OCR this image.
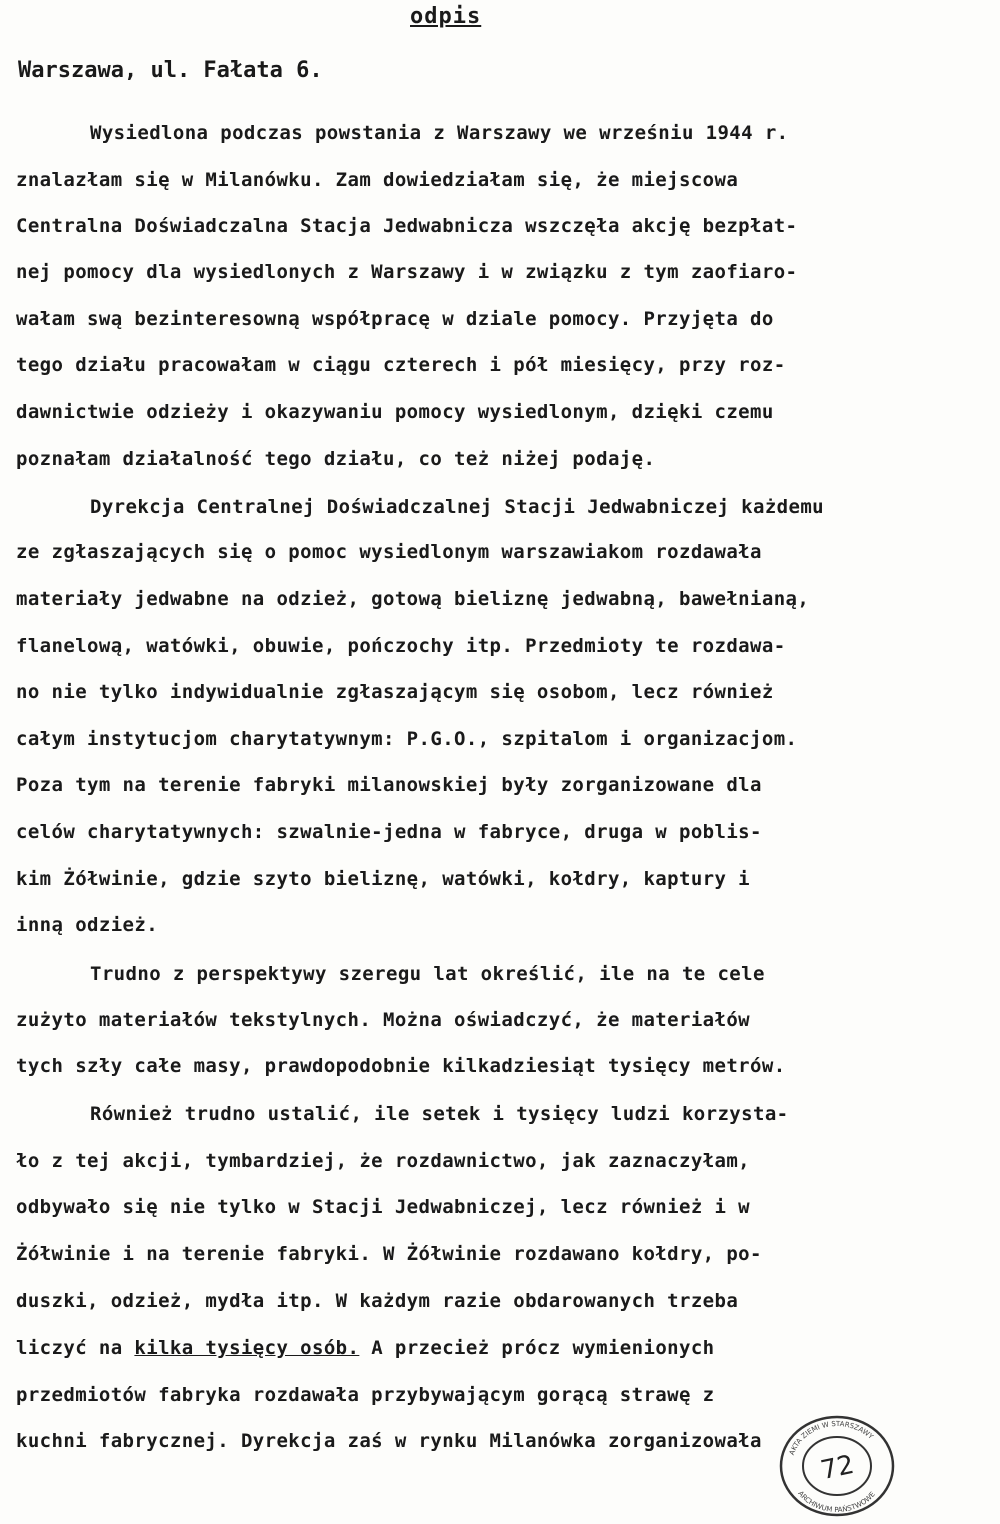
odpis
Warszawa, ul. Fałata 6.
Wysiedlona podczas powstania z Warszawy we wrześniu 1944 r.
znalazłam się w Milanówku. Zam dowiedziałam się, że miejscowa
Centralna Doświadczalna Stacja Jedwabnicza wszczęła akcję bezpłat-
nej pomocy dla wysiedlonych z Warszawy i w związku z tym zaofiaro-
wałam swą bezinteresowną współpracę w dziale pomocy. Przyjęta do
tego działu pracowałam w ciągu czterech i pół miesięcy, przy roz-
dawnictwie odzieży i okazywaniu pomocy wysiedlonym, dzięki czemu
poznałam działalność tego działu, co też niżej podaję.
Dyrekcja Centralnej Doświadczalnej Stacji Jedwabniczej każdemu
ze zgłaszających się o pomoc wysiedlonym warszawiakom rozdawała
materiały jedwabne na odzież, gotową bieliznę jedwabną, bawełnianą,
flanelową, watówki, obuwie, pończochy itp. Przedmioty te rozdawa-
no nie tylko indywidualnie zgłaszającym się osobom, lecz również
całym instytucjom charytatywnym: P.G.O., szpitalom i organizacjom.
Poza tym na terenie fabryki milanowskiej były zorganizowane dla
celów charytatywnych: szwalnie-jedna w fabryce, druga w poblis-
kim Żółwinie, gdzie szyto bieliznę, watówki, kołdry, kaptury i
inną odzież.
Trudno z perspektywy szeregu lat określić, ile na te cele
zużyto materiałów tekstylnych. Można oświadczyć, że materiałów
tych szły całe masy, prawdopodobnie kilkadziesiąt tysięcy metrów.
Również trudno ustalić, ile setek i tysięcy ludzi korzysta-
ło z tej akcji, tymbardziej, że rozdawnictwo, jak zaznaczyłam,
odbywało się nie tylko w Stacji Jedwabniczej, lecz również i w
Żółwinie i na terenie fabryki. W Żółwinie rozdawano kołdry, po-
duszki, odzież, mydła itp. W każdym razie obdarowanych trzeba
liczyć na kilka tysięcy osób. A przecież prócz wymienionych
przedmiotów fabryka rozdawała przybywającym gorącą strawę z
kuchni fabrycznej. Dyrekcja zaś w rynku Milanówka zorganizowała
AKTA ZIEMI W STARSZAWY
ARCHIWUM PAŃSTWOWE
72
